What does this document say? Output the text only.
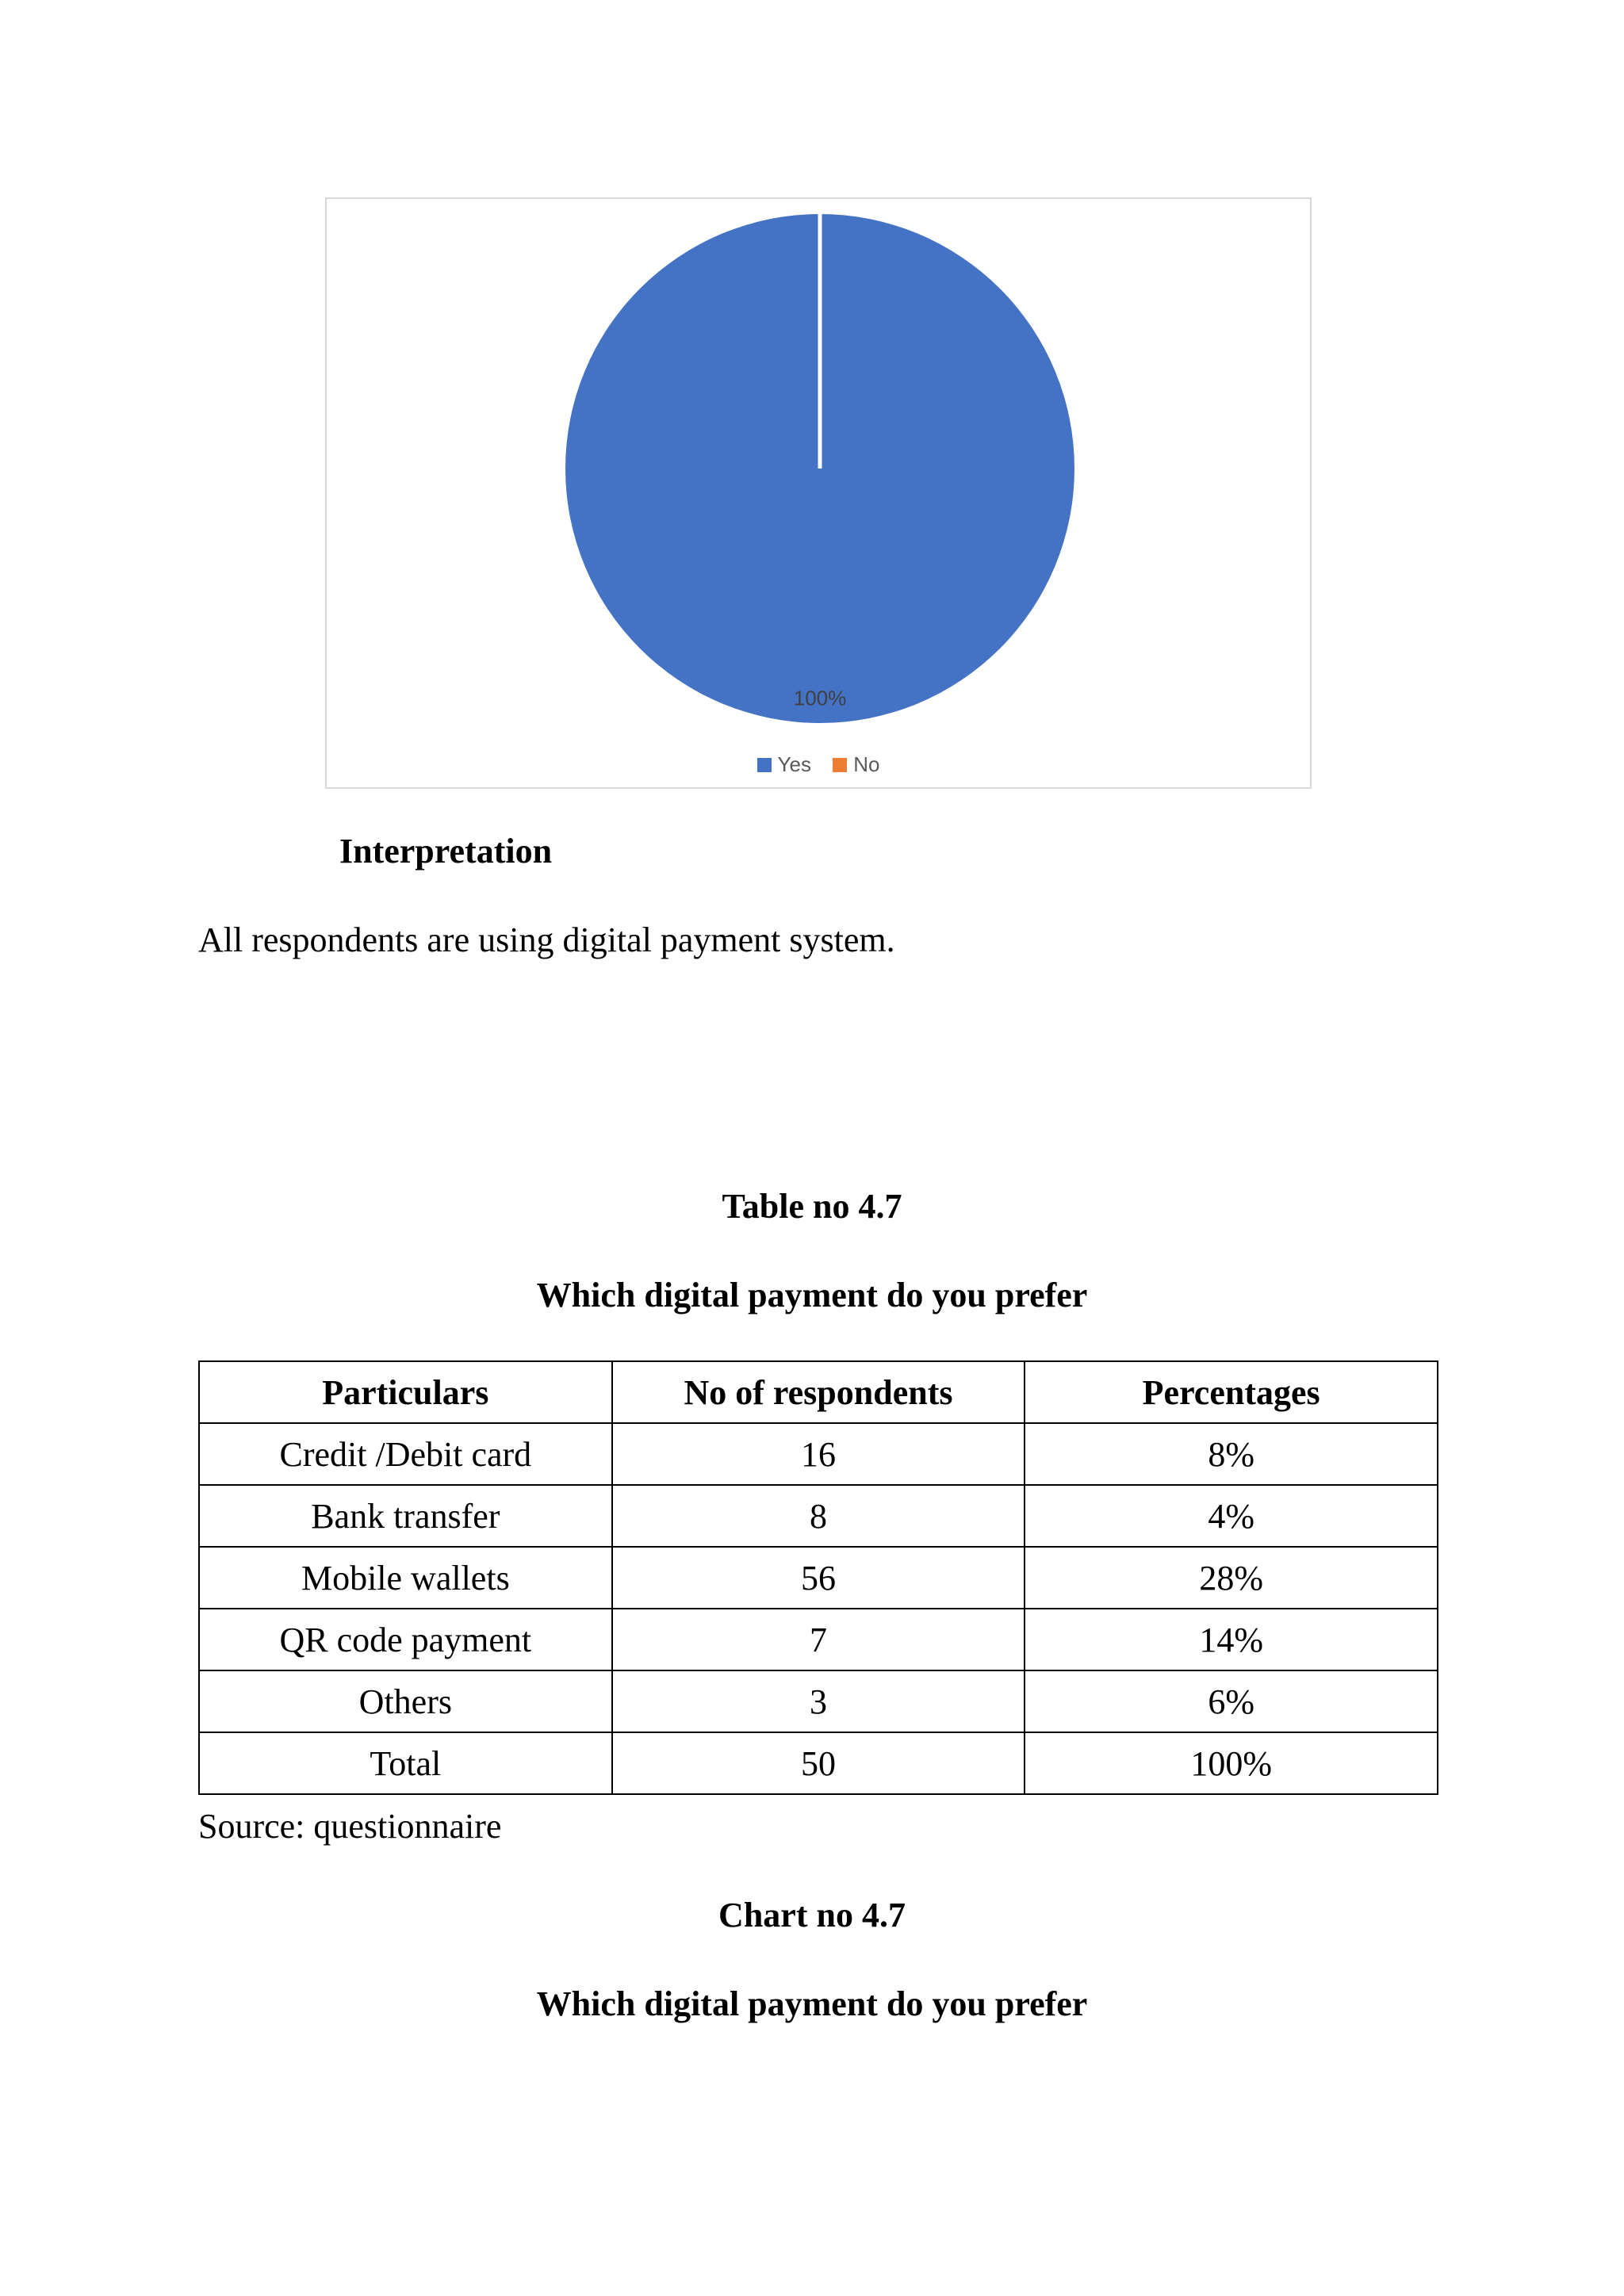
100%
Yes
No
Interpretation
All respondents are using digital payment system.
Table no 4.7
Which digital payment do you prefer
Particulars	No of respondents	Percentages
Credit /Debit card	16	8%
Bank transfer	8	4%
Mobile wallets	56	28%
QR code payment	7	14%
Others	3	6%
Total	50	100%
Source: questionnaire
Chart no 4.7
Which digital payment do you prefer
